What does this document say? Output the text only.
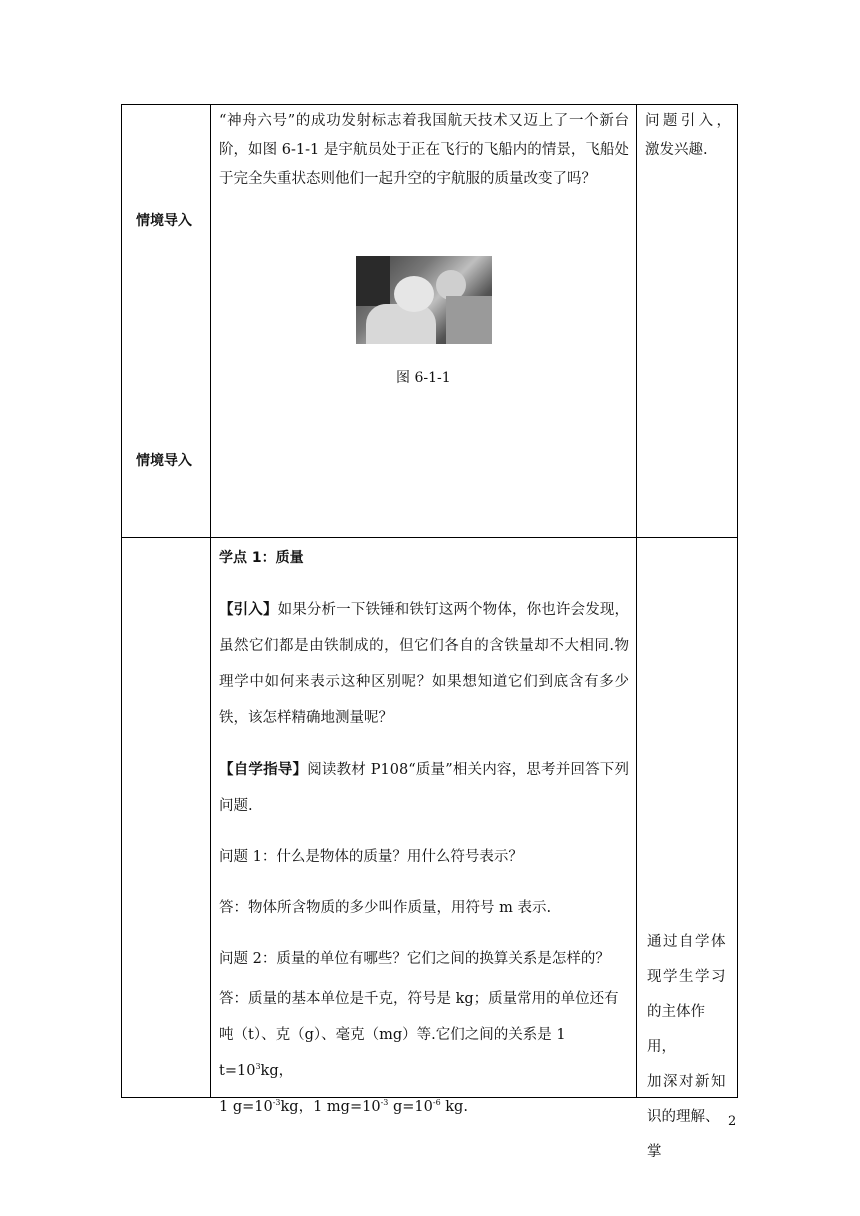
情境导入
情境导入

“神舟六号”的成功发射标志着我国航天技术又迈上了一个新台阶，如图 6-1-1 是宇航员处于正在飞行的飞船内的情景，飞船处于完全失重状态则他们一起升空的宇航服的质量改变了吗？

图 6-1-1

问题引入，激发兴趣.

学点 1：质量

【引入】如果分析一下铁锤和铁钉这两个物体，你也许会发现，虽然它们都是由铁制成的，但它们各自的含铁量却不大相同.物理学中如何来表示这种区别呢？如果想知道它们到底含有多少铁，该怎样精确地测量呢？

【自学指导】阅读教材 P108“质量”相关内容，思考并回答下列问题.

问题 1：什么是物体的质量？用什么符号表示？

答：物体所含物质的多少叫作质量，用符号 m 表示.

问题 2：质量的单位有哪些？它们之间的换算关系是怎样的？

答：质量的基本单位是千克，符号是 kg；质量常用的单位还有
吨（t）、克（g）、毫克（mg）等.它们之间的关系是 1 $t=10^3kg$，
1 $g=10^{-3}kg$，1 $mg=10^{-3}$ $g=10^{-6}$ kg.
通过自学体
现学生学习
的主体作用，
加深对新知
识的理解、掌
2
